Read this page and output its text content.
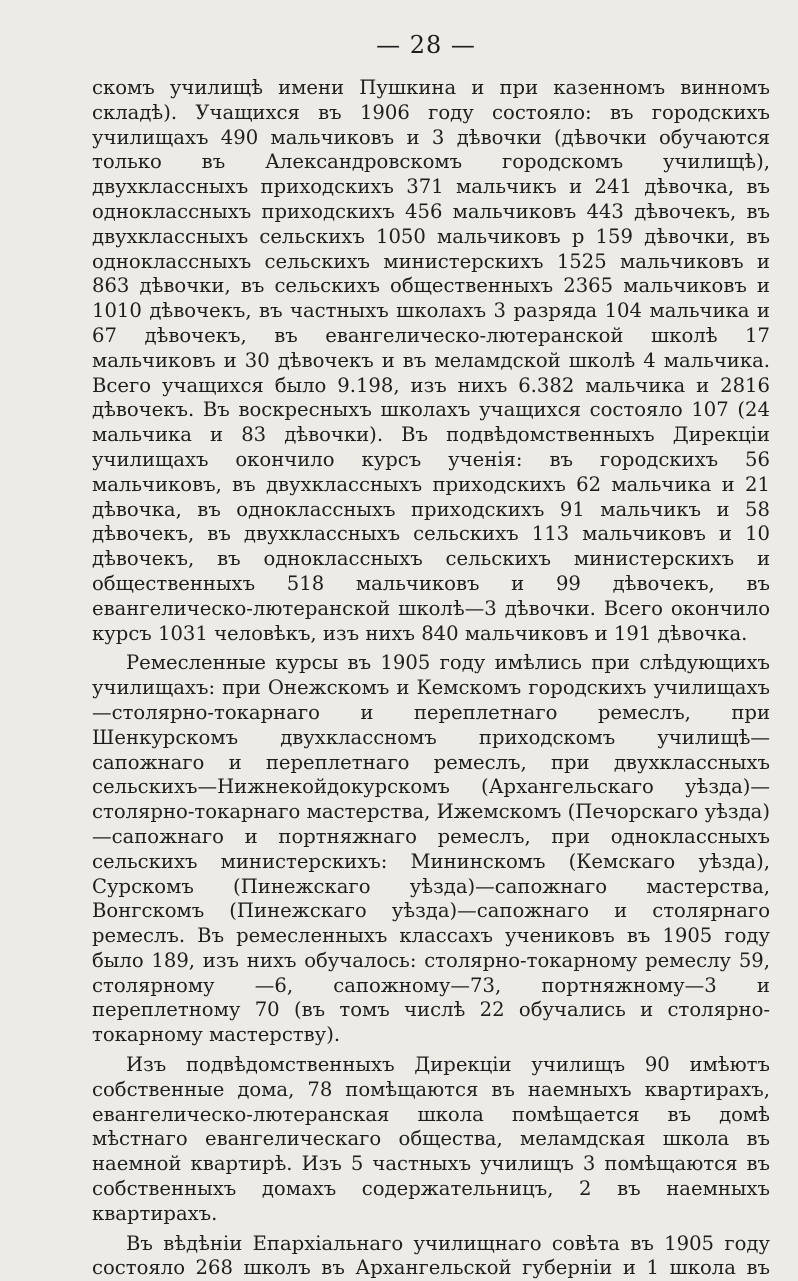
— 28 —

скомъ училищѣ имени Пушкина и при казенномъ винномъ складѣ). Учащихся въ 1906 году состояло: въ городскихъ училищахъ 490 мальчиковъ и 3 дѣвочки (дѣвочки обучаются только въ Александровскомъ городскомъ училищѣ), двухклассныхъ приходскихъ 371 мальчикъ и 241 дѣвочка, въ одноклассныхъ приходскихъ 456 мальчиковъ 443 дѣвочекъ, въ двухклассныхъ сельскихъ 1050 мальчиковъ р 159 дѣвочки, въ одноклассныхъ сельскихъ министерскихъ 1525 мальчиковъ и 863 дѣвочки, въ сельскихъ общественныхъ 2365 мальчиковъ и 1010 дѣвочекъ, въ частныхъ школахъ 3 разряда 104 мальчика и 67 дѣвочекъ, въ евангелическо-лютеранской школѣ 17 мальчиковъ и 30 дѣвочекъ и въ меламдской школѣ 4 мальчика. Всего учащихся было 9.198, изъ нихъ 6.382 мальчика и 2816 дѣвочекъ. Въ воскресныхъ школахъ учащихся состояло 107 (24 мальчика и 83 дѣвочки). Въ подвѣдомственныхъ Дирекціи училищахъ окончило курсъ ученія: въ городскихъ 56 мальчиковъ, въ двухклассныхъ приходскихъ 62 мальчика и 21 дѣвочка, въ одноклассныхъ приходскихъ 91 мальчикъ и 58 дѣвочекъ, въ двухклассныхъ сельскихъ 113 мальчиковъ и 10 дѣвочекъ, въ одноклассныхъ сельскихъ министерскихъ и общественныхъ 518 мальчиковъ и 99 дѣвочекъ, въ евангелическо-лютеранской школѣ—3 дѣвочки. Всего окончило курсъ 1031 человѣкъ, изъ нихъ 840 мальчиковъ и 191 дѣвочка.

Ремесленные курсы въ 1905 году имѣлись при слѣдующихъ училищахъ: при Онежскомъ и Кемскомъ городскихъ училищахъ —столярно-токарнаго и переплетнаго ремеслъ, при Шенкурскомъ двухклассномъ приходскомъ училищѣ—сапожнаго и переплетнаго ремеслъ, при двухклассныхъ сельскихъ—Нижнекойдокурскомъ (Архангельскаго уѣзда)—столярно-токарнаго мастерства, Ижемскомъ (Печорскаго уѣзда)—сапожнаго и портняжнаго ремеслъ, при одноклассныхъ сельскихъ министерскихъ: Мининскомъ (Кемскаго уѣзда), Сурскомъ (Пинежскаго уѣзда)—сапожнаго мастерства, Вонгскомъ (Пинежскаго уѣзда)—сапожнаго и столярнаго ремеслъ. Въ ремесленныхъ классахъ учениковъ въ 1905 году было 189, изъ нихъ обучалось: столярно-токарному ремеслу 59, столярному —6, сапожному—73, портняжному—3 и переплетному 70 (въ томъ числѣ 22 обучались и столярно-токарному мастерству).

Изъ подвѣдомственныхъ Дирекціи училищъ 90 имѣютъ собственные дома, 78 помѣщаются въ наемныхъ квартирахъ, евангелическо-лютеранская школа помѣщается въ домѣ мѣстнаго евангелическаго общества, меламдская школа въ наемной квартирѣ. Изъ 5 частныхъ училищъ 3 помѣщаются въ собственныхъ домахъ содержательницъ, 2 въ наемныхъ квартирахъ.

Въ вѣдѣніи Епархіальнаго училищнаго совѣта въ 1905 году состояло 268 школъ въ Архангельской губерніи и 1 школа въ
